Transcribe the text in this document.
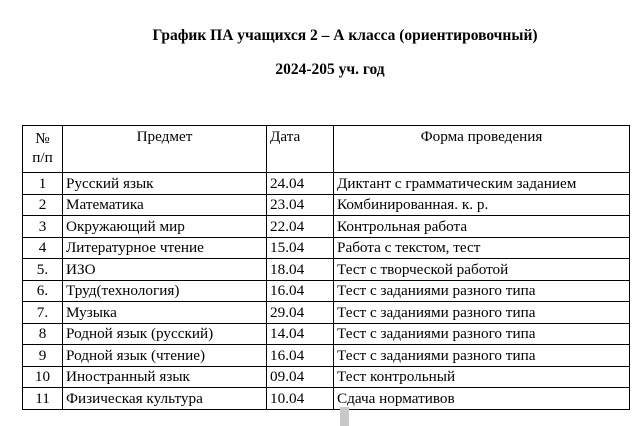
График ПА учащихся 2 – А класса (ориентировочный)
2024-205 уч. год
№
п/п	Предмет	Дата	Форма проведения
1	Русский язык	24.04	Диктант с грамматическим заданием
2	Математика	23.04	Комбинированная. к. р.
3	Окружающий мир	22.04	Контрольная работа
4	Литературное чтение	15.04	Работа с текстом, тест
5.	ИЗО	18.04	Тест с творческой работой
6.	Труд(технология)	16.04	Тест с заданиями разного типа
7.	Музыка	29.04	Тест с заданиями разного типа
8	Родной язык (русский)	14.04	Тест с заданиями разного типа
9	Родной язык (чтение)	16.04	Тест с заданиями разного типа
10	Иностранный язык	09.04	Тест контрольный
11	Физическая культура	10.04	Сдача нормативов
